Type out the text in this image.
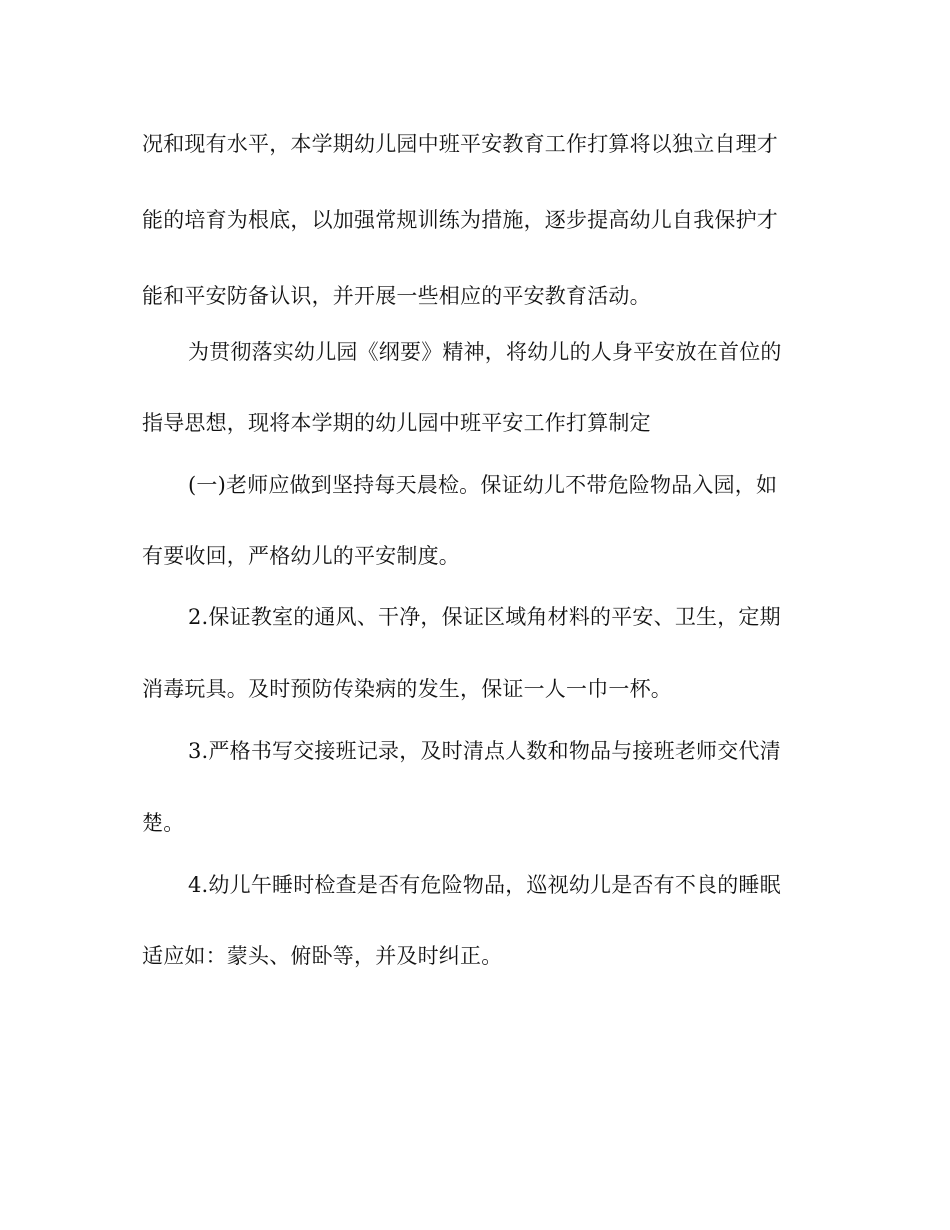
况和现有水平，本学期幼儿园中班平安教育工作打算将以独立自理才
能的培育为根底，以加强常规训练为措施，逐步提高幼儿自我保护才
能和平安防备认识，并开展一些相应的平安教育活动。
为贯彻落实幼儿园《纲要》精神，将幼儿的人身平安放在首位的
指导思想，现将本学期的幼儿园中班平安工作打算制定
(一)老师应做到坚持每天晨检。保证幼儿不带危险物品入园，如
有要收回，严格幼儿的平安制度。
2.保证教室的通风、干净，保证区域角材料的平安、卫生，定期
消毒玩具。及时预防传染病的发生，保证一人一巾一杯。
3.严格书写交接班记录，及时清点人数和物品与接班老师交代清
楚。
4.幼儿午睡时检查是否有危险物品，巡视幼儿是否有不良的睡眠
适应如：蒙头、俯卧等，并及时纠正。
